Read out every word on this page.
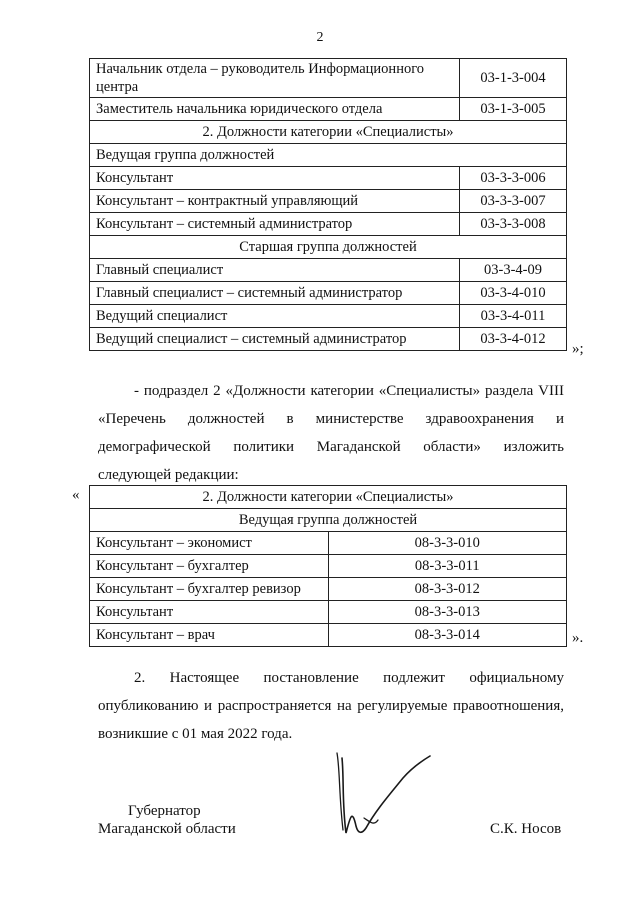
2
Начальник отдела – руководитель Информационного центра	03-1-3-004
Заместитель начальника юридического отдела	03-1-3-005
2. Должности категории «Специалисты»	
Ведущая группа должностей	
Консультант	03-3-3-006
Консультант – контрактный управляющий	03-3-3-007
Консультант – системный администратор	03-3-3-008
Старшая группа должностей	
Главный специалист	03-3-4-09
Главный специалист – системный администратор	03-3-4-010
Ведущий специалист	03-3-4-011
Ведущий специалист – системный администратор	03-3-4-012
»;
- подраздел 2 «Должности категории «Специалисты» раздела VIII «Перечень должностей в министерстве здравоохранения и демографической политики Магаданской области» изложить следующей редакции:
«	2. Должности категории «Специалисты»	
Ведущая группа должностей	
Консультант – экономист	08-3-3-010
Консультант – бухгалтер	08-3-3-011
Консультант – бухгалтер ревизор	08-3-3-012
Консультант	08-3-3-013
Консультант – врач	08-3-3-014	».
2. Настоящее постановление подлежит официальному опубликованию и распространяется на регулируемые правоотношения, возникшие с 01 мая 2022 года.
Губернатор
Магаданской области	С.К. Носов
